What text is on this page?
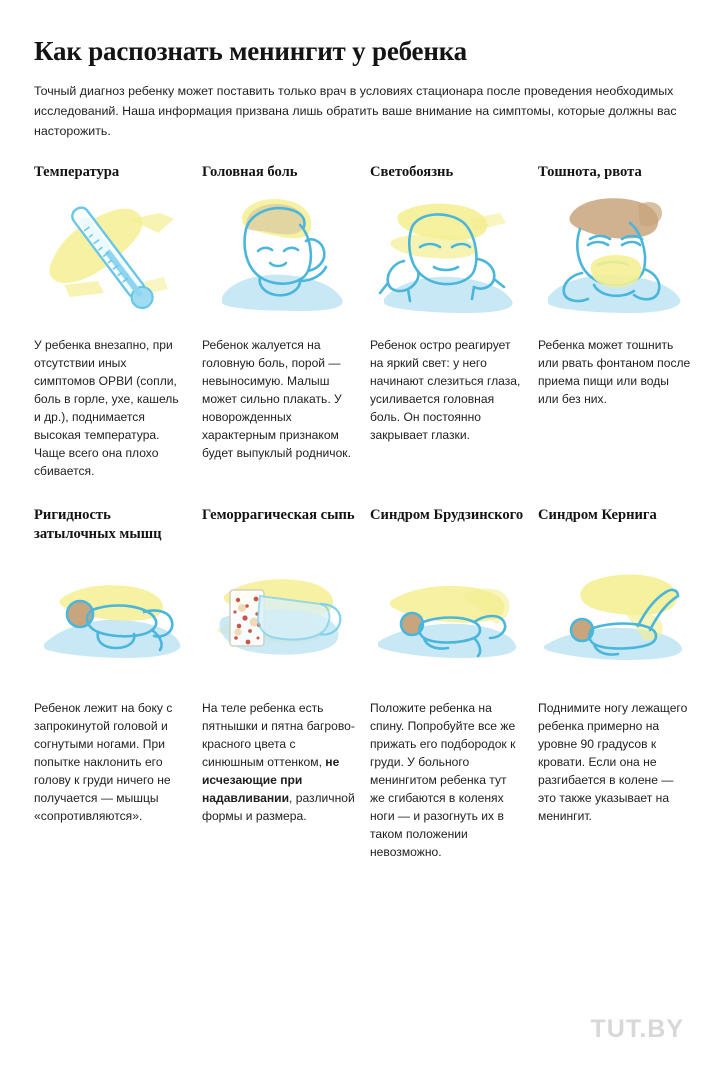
Как распознать менингит у ребенка

Точный диагноз ребенку может поставить только врач в условиях стационара после проведения необходимых исследований. Наша информация призвана лишь обратить ваше внимание на симптомы, которые должны вас насторожить.

Температура
У ребенка внезапно, при отсутствии иных симптомов ОРВИ (сопли, боль в горле, ухе, кашель и др.), поднимается высокая температура. Чаще всего она плохо сбивается.
Головная боль
Ребенок жалуется на головную боль, порой — невыносимую. Малыш может сильно плакать. У новорожденных характерным признаком будет выпуклый родничок.
Светобоязнь
Ребенок остро реагирует на яркий свет: у него начинают слезиться глаза, усиливается головная боль. Он постоянно закрывает глазки.
Тошнота, рвота
Ребенка может тошнить или рвать фонтаном после приема пищи или воды или без них.
Ригидность затылочных мышц
Ребенок лежит на боку с запрокинутой головой и согнутыми ногами. При попытке наклонить его голову к груди ничего не получается — мышцы «сопротивляются».
Геморрагическая сыпь
На теле ребенка есть пятнышки и пятна багрово-красного цвета с синюшным оттенком, не исчезающие при надавливании, различной формы и размера.
Синдром Брудзинского
Положите ребенка на спину. Попробуйте все же прижать его подбородок к груди. У больного менингитом ребенка тут же сгибаются в коленях ноги — и разогнуть их в таком положении невозможно.
Синдром Кернига
Поднимите ногу лежащего ребенка примерно на уровне 90 градусов к кровати. Если она не разгибается в колене — это также указывает на менингит.
TUT.BY
